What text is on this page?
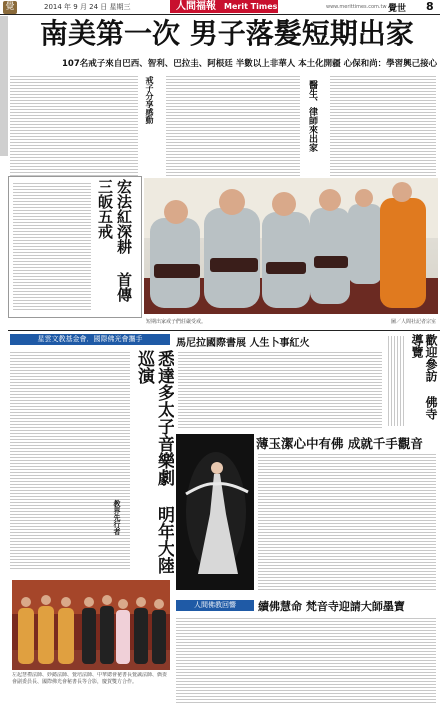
覺	2014 年 9 月 24 日 星期三	人間福報 Merit Times	www.merittimes.com.tw 覺世 8
南美第一次 男子落髮短期出家
107名戒子來自巴西、智利、巴拉圭、阿根廷 半數以上非華人 本土化開疆 心保和尚：學習興己接心
戒子分享感動	醫生、律師來出家
宏法紅深耕 首傳三皈五戒
短期出家戒子們莊嚴受戒。	圖／人間社記者宗室
星雲文教基金會．國際佛光會攜手
悉達多太子音樂劇 明年大陸巡演
教界先行者
左起慧禮法師、妙懿法師、覺培法師、中華總會祕書長覺誠法師、僑委會副委員長、國際佛光會秘書長等合影，慶賀雙方合作。
馬尼拉國際書展 人生卜事紅火	歡迎參訪 佛寺 導覽
薄玉潔心中有佛 成就千手觀音
人間佛教回響	續佛慧命 梵音寺迎請大師墨寶
